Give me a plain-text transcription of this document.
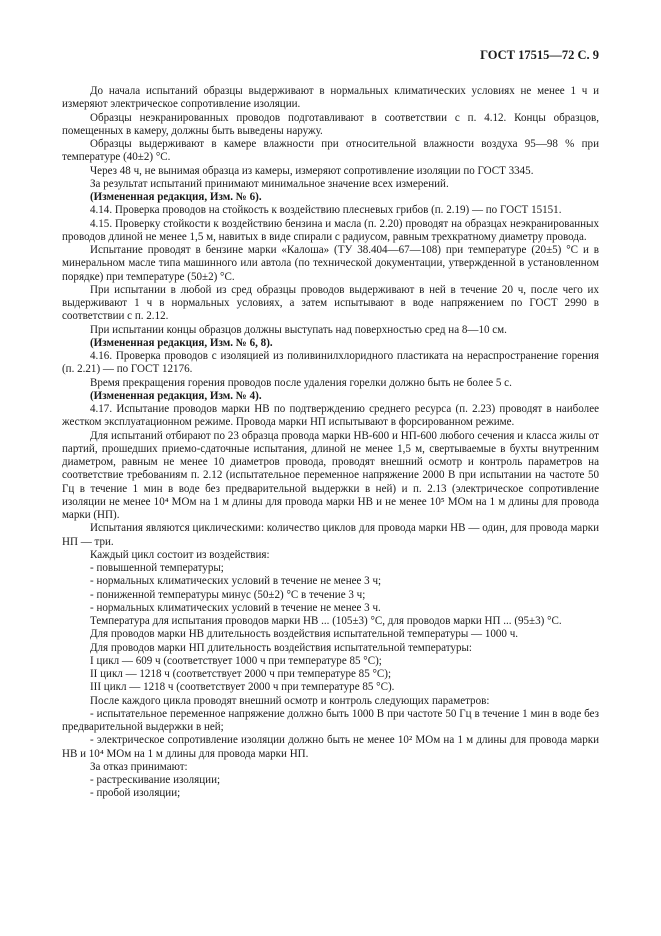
ГОСТ 17515—72 С. 9

До начала испытаний образцы выдерживают в нормальных климатических условиях не менее 1 ч и измеряют электрическое сопротивление изоляции.

Образцы неэкранированных проводов подготавливают в соответствии с п. 4.12. Концы образцов, помещенных в камеру, должны быть выведены наружу.

Образцы выдерживают в камере влажности при относительной влажности воздуха 95—98 % при температуре (40±2) °С.

Через 48 ч, не вынимая образца из камеры, измеряют сопротивление изоляции по ГОСТ 3345.

За результат испытаний принимают минимальное значение всех измерений.

(Измененная редакция, Изм. № 6).

4.14. Проверка проводов на стойкость к воздействию плесневых грибов (п. 2.19) — по ГОСТ 15151.

4.15. Проверку стойкости к воздействию бензина и масла (п. 2.20) проводят на образцах неэкранированных проводов длиной не менее 1,5 м, навитых в виде спирали с радиусом, равным трехкратному диаметру провода.

Испытание проводят в бензине марки «Калоша» (ТУ 38.404—67—108) при температуре (20±5) °С и в минеральном масле типа машинного или автола (по технической документации, утвержденной в установленном порядке) при температуре (50±2) °С.

При испытании в любой из сред образцы проводов выдерживают в ней в течение 20 ч, после чего их выдерживают 1 ч в нормальных условиях, а затем испытывают в воде напряжением по ГОСТ 2990 в соответствии с п. 2.12.

При испытании концы образцов должны выступать над поверхностью сред на 8—10 см.

(Измененная редакция, Изм. № 6, 8).

4.16. Проверка проводов с изоляцией из поливинилхлоридного пластиката на нераспространение горения (п. 2.21) — по ГОСТ 12176.

Время прекращения горения проводов после удаления горелки должно быть не более 5 с.

(Измененная редакция, Изм. № 4).

4.17. Испытание проводов марки НВ по подтверждению среднего ресурса (п. 2.23) проводят в наиболее жестком эксплуатационном режиме. Провода марки НП испытывают в форсированном режиме.

Для испытаний отбирают по 23 образца провода марки НВ-600 и НП-600 любого сечения и класса жилы от партий, прошедших приемо-сдаточные испытания, длиной не менее 1,5 м, свертываемые в бухты внутренним диаметром, равным не менее 10 диаметров провода, проводят внешний осмотр и контроль параметров на соответствие требованиям п. 2.12 (испытательное переменное напряжение 2000 В при испытании на частоте 50 Гц в течение 1 мин в воде без предварительной выдержки в ней) и п. 2.13 (электрическое сопротивление изоляции не менее 10⁴ МОм на 1 м длины для провода марки НВ и не менее 10⁵ МОм на 1 м длины для провода марки (НП).

Испытания являются циклическими: количество циклов для провода марки НВ — один, для провода марки НП — три.

Каждый цикл состоит из воздействия:

- повышенной температуры;

- нормальных климатических условий в течение не менее 3 ч;

- пониженной температуры минус (50±2) °С в течение 3 ч;

- нормальных климатических условий в течение не менее 3 ч.

Температура для испытания проводов марки НВ ... (105±3) °С, для проводов марки НП ... (95±3) °С.

Для проводов марки НВ длительность воздействия испытательной температуры — 1000 ч.

Для проводов марки НП длительность воздействия испытательной температуры:

I цикл — 609 ч (соответствует 1000 ч при температуре 85 °С);

II цикл — 1218 ч (соответствует 2000 ч при температуре 85 °С);

III цикл — 1218 ч (соответствует 2000 ч при температуре 85 °С).

После каждого цикла проводят внешний осмотр и контроль следующих параметров:

- испытательное переменное напряжение должно быть 1000 В при частоте 50 Гц в течение 1 мин в воде без предварительной выдержки в ней;

- электрическое сопротивление изоляции должно быть не менее 10² МОм на 1 м длины для провода марки НВ и 10⁴ МОм на 1 м длины для провода марки НП.

За отказ принимают:

- растрескивание изоляции;

- пробой изоляции;
